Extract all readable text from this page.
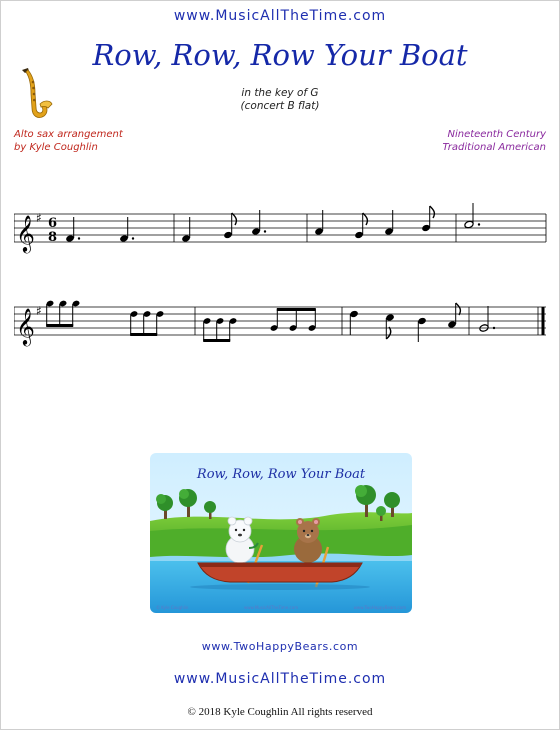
www.MusicAllTheTime.com
Row, Row, Row Your Boat
in the key of G
(concert B flat)
Alto sax arrangement
by Kyle Coughlin
Nineteenth Century
Traditional American
𝄞 ♯ 6
8
𝄞 ♯
Row, Row, Row Your Boat
© Kyle Coughlin	www.MusicAllTheTime.com	www.TwoHappyBears.com
www.TwoHappyBears.com
www.MusicAllTheTime.com
© 2018 Kyle Coughlin All rights reserved
